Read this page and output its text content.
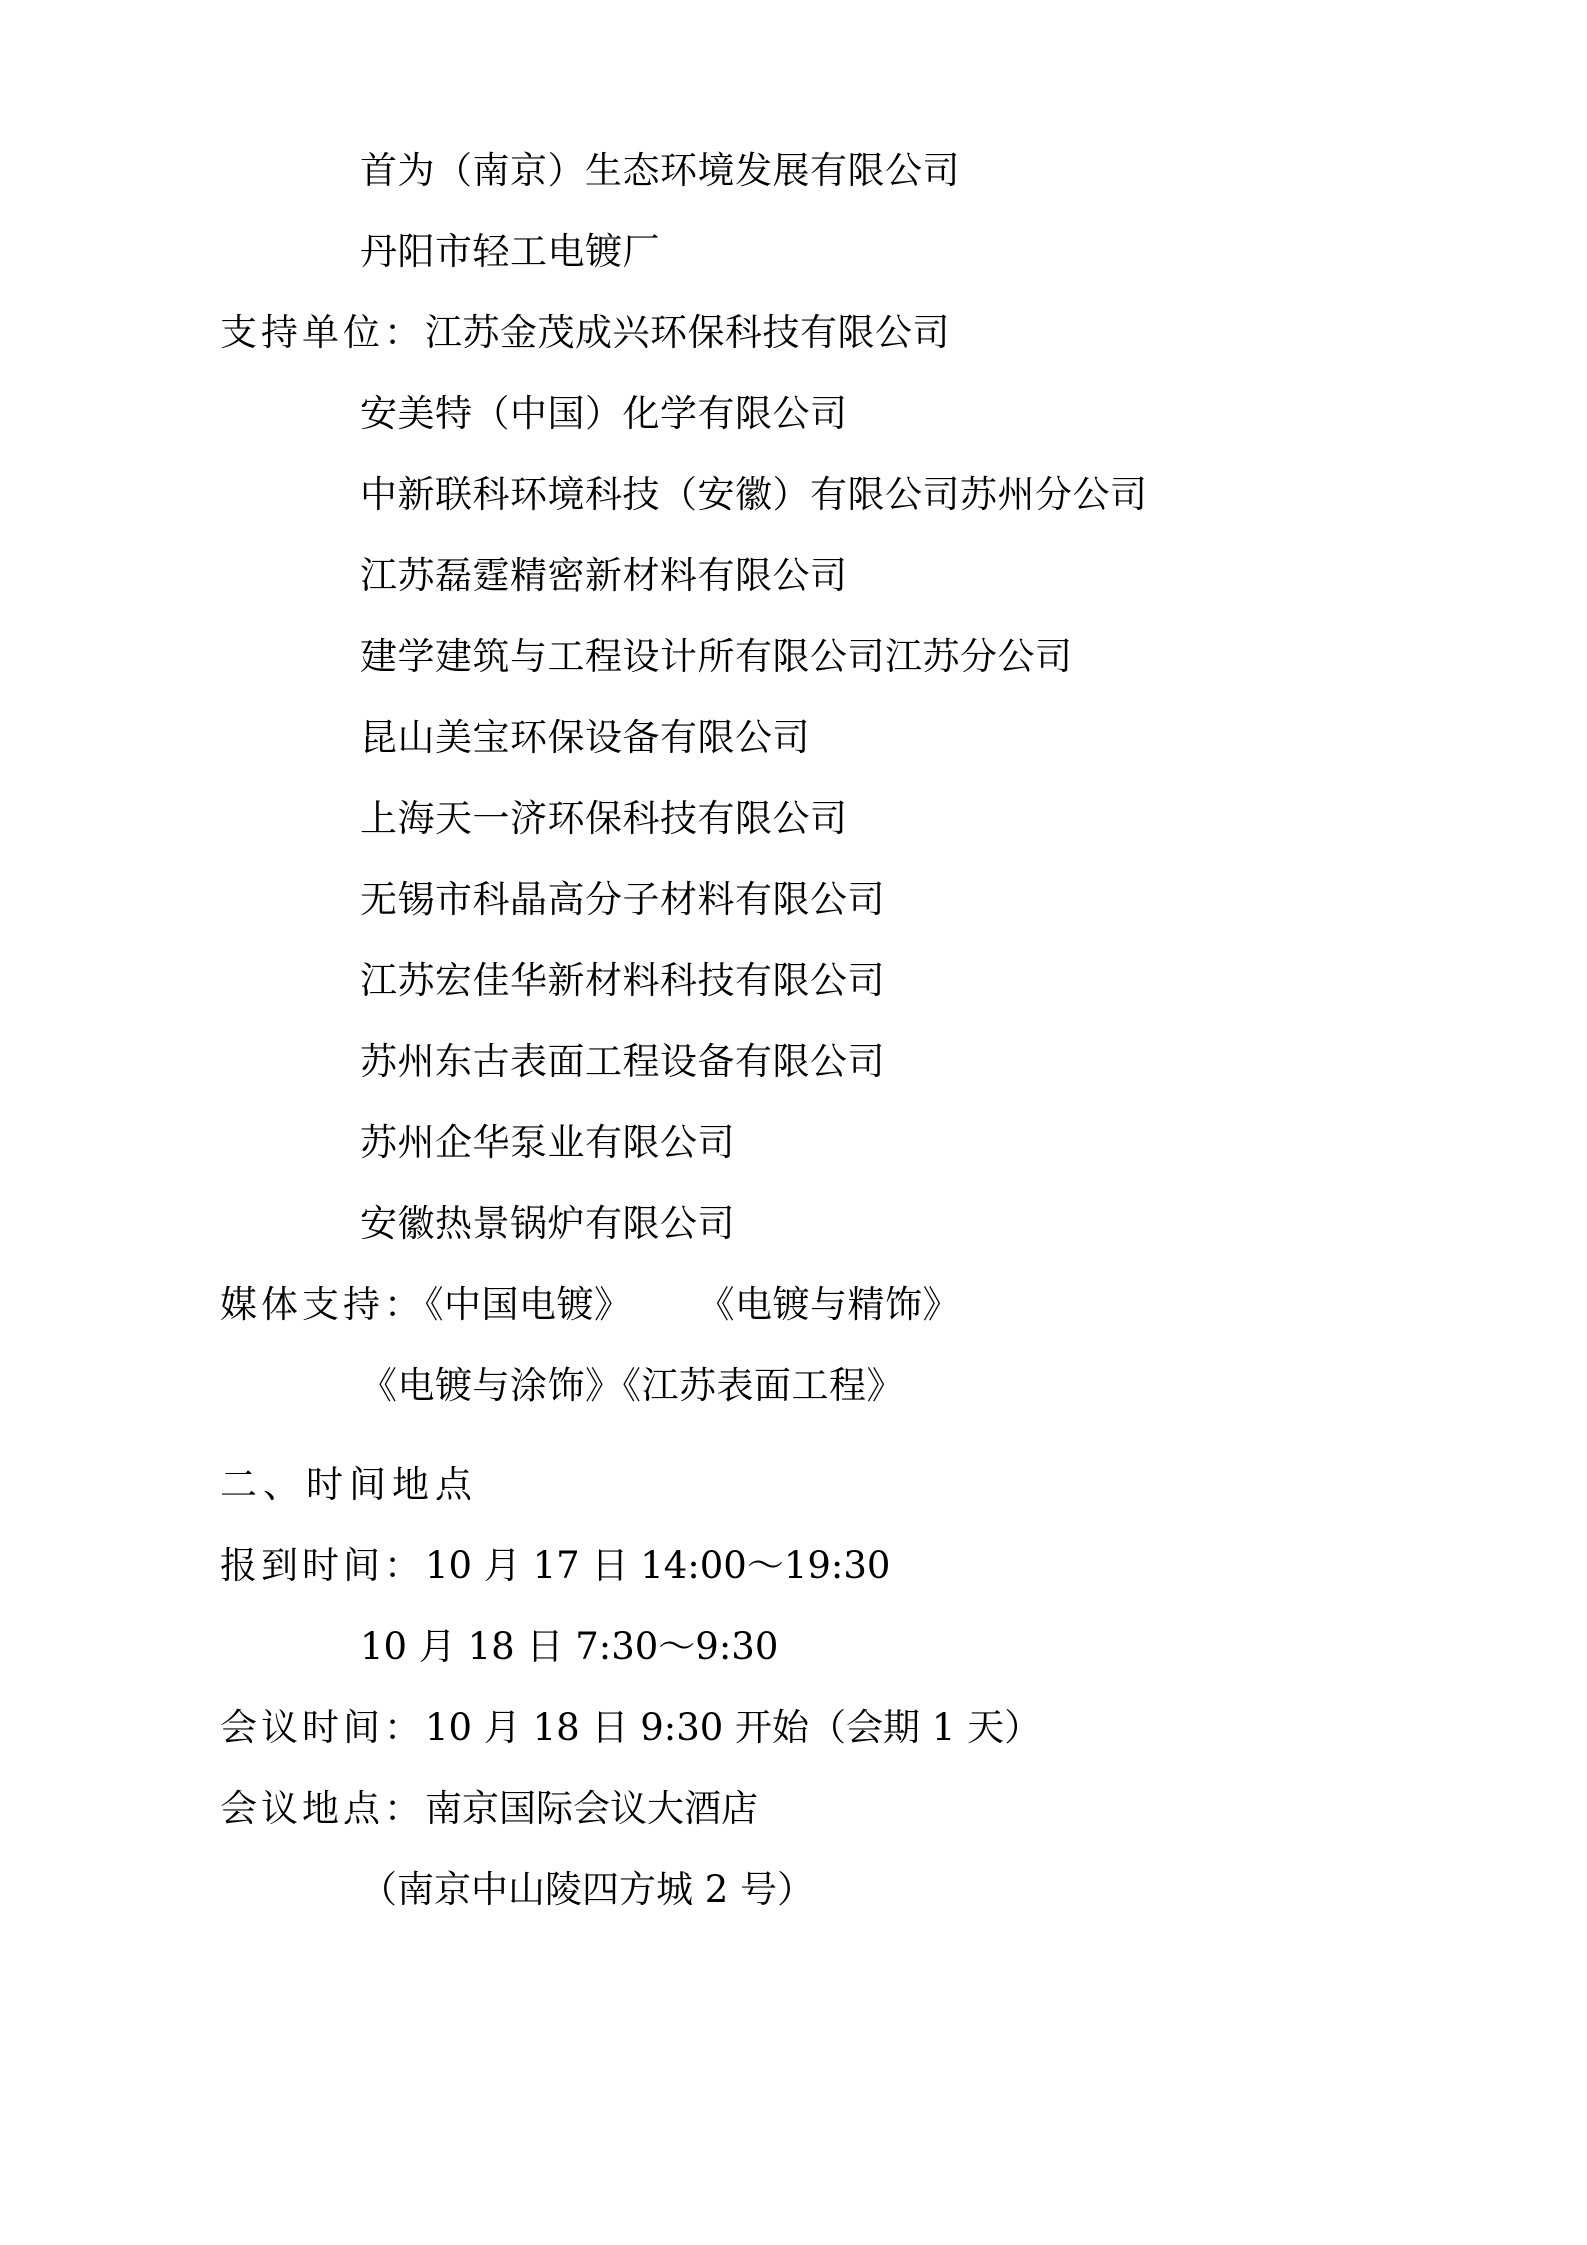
首为（南京）生态环境发展有限公司
丹阳市轻工电镀厂
支持单位：江苏金茂成兴环保科技有限公司
安美特（中国）化学有限公司
中新联科环境科技（安徽）有限公司苏州分公司
江苏磊霆精密新材料有限公司
建学建筑与工程设计所有限公司江苏分公司
昆山美宝环保设备有限公司
上海天一济环保科技有限公司
无锡市科晶高分子材料有限公司
江苏宏佳华新材料科技有限公司
苏州东古表面工程设备有限公司
苏州企华泵业有限公司
安徽热景锅炉有限公司
媒体支持：《中国电镀》 《电镀与精饰》
《电镀与涂饰》《江苏表面工程》
二、时间地点
报到时间：10 月 17 日 14:00～19:30
10 月 18 日 7:30～9:30
会议时间：10 月 18 日 9:30 开始（会期 1 天）
会议地点：南京国际会议大酒店
（南京中山陵四方城 2 号）
